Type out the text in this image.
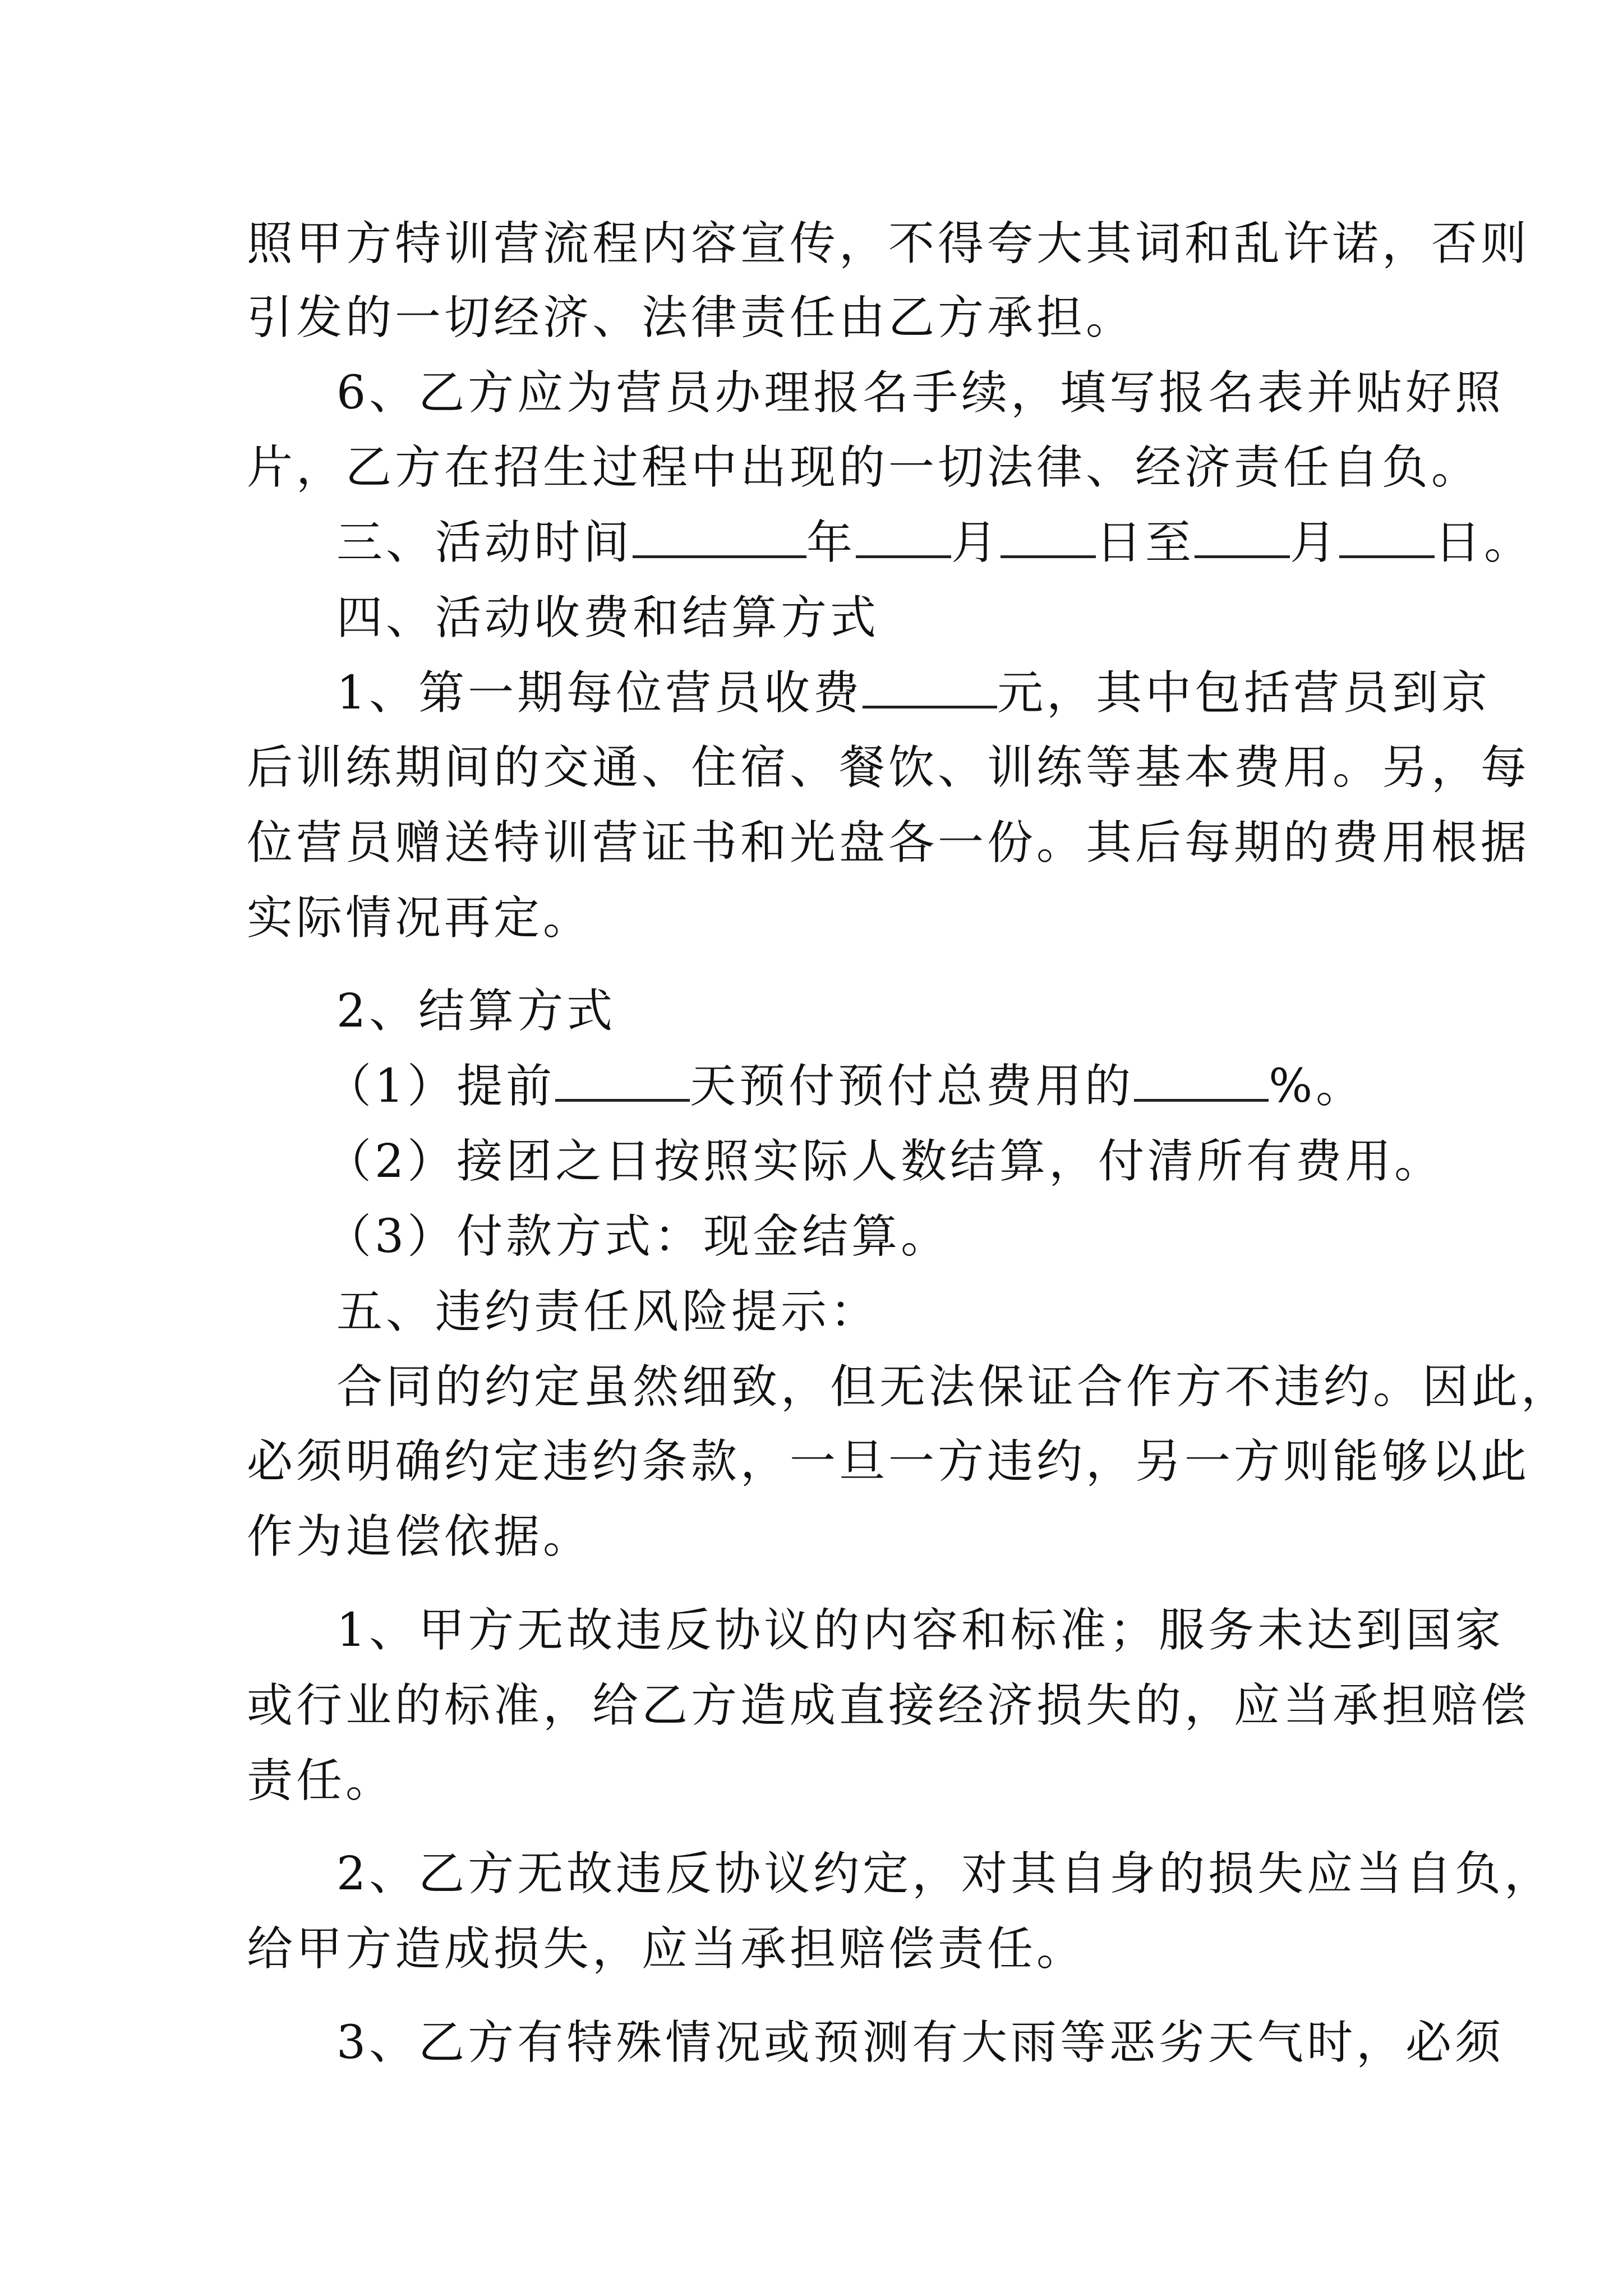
照甲方特训营流程内容宣传，不得夸大其词和乱许诺，否则
引发的一切经济、法律责任由乙方承担。
6、乙方应为营员办理报名手续，填写报名表并贴好照
片，乙方在招生过程中出现的一切法律、经济责任自负。
三、活动时间	年 月 日至 月 日。
四、活动收费和结算方式
1、第一期每位营员收费	元，其中包括营员到京
后训练期间的交通、住宿、餐饮、训练等基本费用。另，每
位营员赠送特训营证书和光盘各一份。其后每期的费用根据
实际情况再定。
2、结算方式
（1）提前	天预付预付总费用的	%。
（2）接团之日按照实际人数结算，付清所有费用。
（3）付款方式：现金结算。
五、违约责任风险提示：
合同的约定虽然细致，但无法保证合作方不违约。因此，
必须明确约定违约条款，一旦一方违约，另一方则能够以此
作为追偿依据。
1、甲方无故违反协议的内容和标准；服务未达到国家
或行业的标准，给乙方造成直接经济损失的，应当承担赔偿
责任。
2、乙方无故违反协议约定，对其自身的损失应当自负，
给甲方造成损失，应当承担赔偿责任。
3、乙方有特殊情况或预测有大雨等恶劣天气时，必须
